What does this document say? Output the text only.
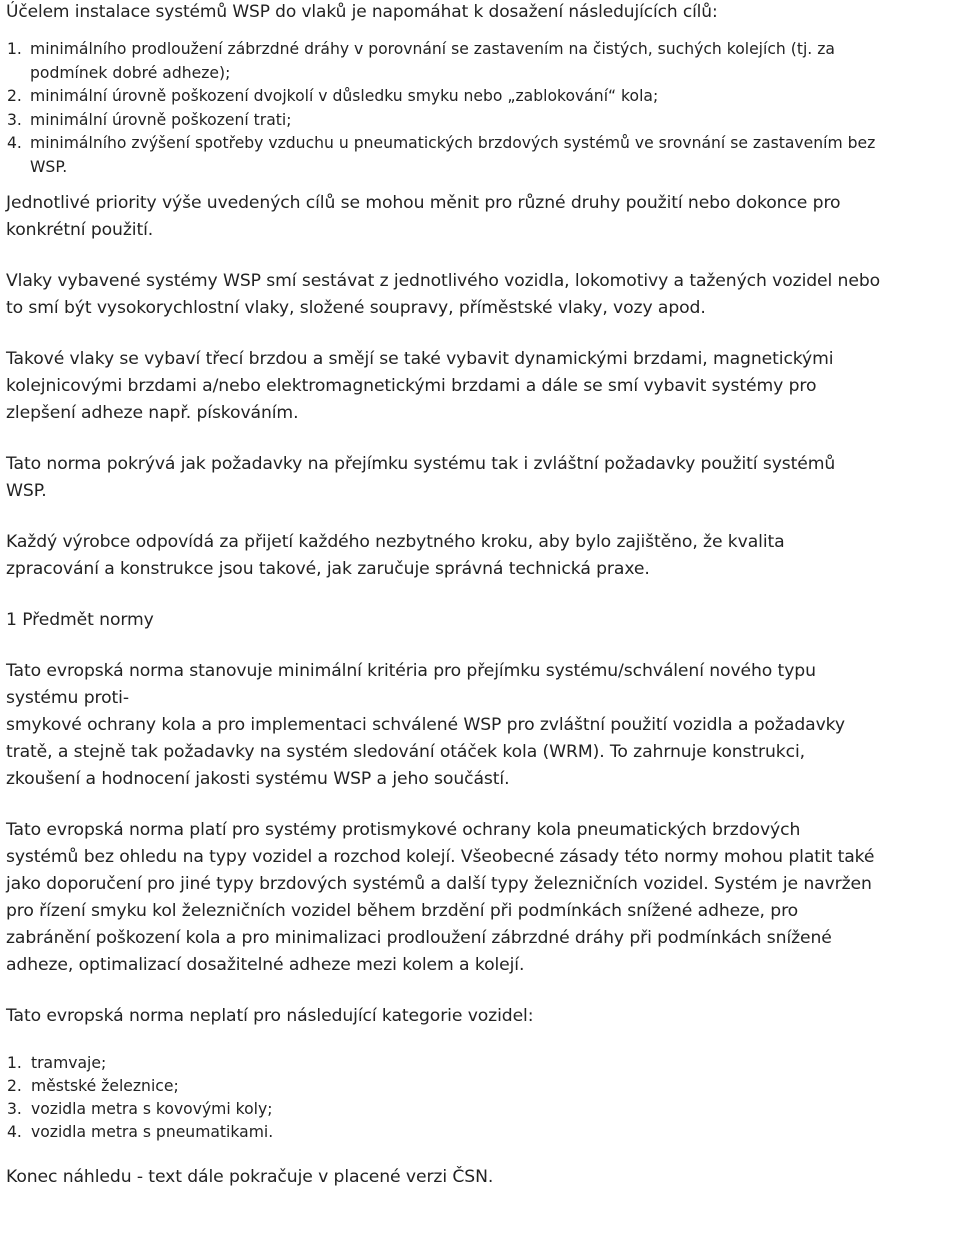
Účelem instalace systémů WSP do vlaků je napomáhat k dosažení následujících cílů:

1. minimálního prodloužení zábrzdné dráhy v porovnání se zastavením na čistých, suchých kolejích (tj. za
podmínek dobré adheze);
2. minimální úrovně poškození dvojkolí v důsledku smyku nebo „zablokování“ kola;
3. minimální úrovně poškození trati;
4. minimálního zvýšení spotřeby vzduchu u pneumatických brzdových systémů ve srovnání se zastavením bez
WSP.

Jednotlivé priority výše uvedených cílů se mohou měnit pro různé druhy použití nebo dokonce pro
konkrétní použití.

Vlaky vybavené systémy WSP smí sestávat z jednotlivého vozidla, lokomotivy a tažených vozidel nebo
to smí být vysokorychlostní vlaky, složené soupravy, příměstské vlaky, vozy apod.

Takové vlaky se vybaví třecí brzdou a smějí se také vybavit dynamickými brzdami, magnetickými
kolejnicovými brzdami a/nebo elektromagnetickými brzdami a dále se smí vybavit systémy pro
zlepšení adheze např. pískováním.

Tato norma pokrývá jak požadavky na přejímku systému tak i zvláštní požadavky použití systémů
WSP.

Každý výrobce odpovídá za přijetí každého nezbytného kroku, aby bylo zajištěno, že kvalita
zpracování a konstrukce jsou takové, jak zaručuje správná technická praxe.

1 Předmět normy

Tato evropská norma stanovuje minimální kritéria pro přejímku systému/schválení nového typu
systému proti-
smykové ochrany kola a pro implementaci schválené WSP pro zvláštní použití vozidla a požadavky
tratě, a stejně tak požadavky na systém sledování otáček kola (WRM). To zahrnuje konstrukci,
zkoušení a hodnocení jakosti systému WSP a jeho součástí.

Tato evropská norma platí pro systémy protismykové ochrany kola pneumatických brzdových
systémů bez ohledu na typy vozidel a rozchod kolejí. Všeobecné zásady této normy mohou platit také
jako doporučení pro jiné typy brzdových systémů a další typy železničních vozidel. Systém je navržen
pro řízení smyku kol železničních vozidel během brzdění při podmínkách snížené adheze, pro
zabránění poškození kola a pro minimalizaci prodloužení zábrzdné dráhy při podmínkách snížené
adheze, optimalizací dosažitelné adheze mezi kolem a kolejí.

Tato evropská norma neplatí pro následující kategorie vozidel:

1. tramvaje;
2. městské železnice;
3. vozidla metra s kovovými koly;
4. vozidla metra s pneumatikami.

Konec náhledu - text dále pokračuje v placené verzi ČSN.
